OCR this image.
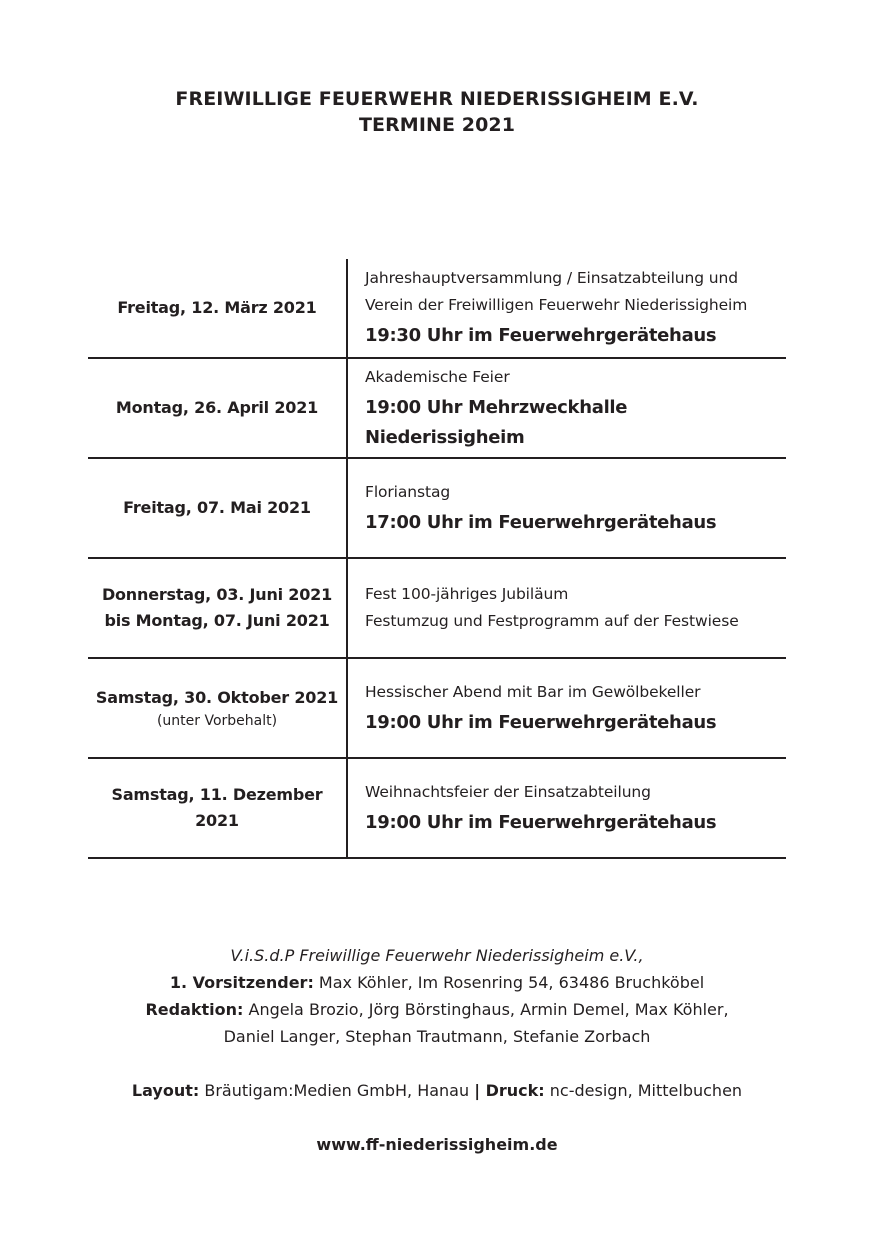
FREIWILLIGE FEUERWEHR NIEDERISSIGHEIM E.V.
TERMINE 2021
Freitag, 12. März 2021
Jahreshauptversammlung / Einsatzabteilung und
Verein der Freiwilligen Feuerwehr Niederissigheim
19:30 Uhr im Feuerwehrgerätehaus
Montag, 26. April 2021
Akademische Feier
19:00 Uhr Mehrzweckhalle Niederissigheim
Freitag, 07. Mai 2021
Florianstag
17:00 Uhr im Feuerwehrgerätehaus
Donnerstag, 03. Juni 2021
bis Montag, 07. Juni 2021
Fest 100-jähriges Jubiläum
Festumzug und Festprogramm auf der Festwiese
Samstag, 30. Oktober 2021
(unter Vorbehalt)
Hessischer Abend mit Bar im Gewölbekeller
19:00 Uhr im Feuerwehrgerätehaus
Samstag, 11. Dezember 2021
Weihnachtsfeier der Einsatzabteilung
19:00 Uhr im Feuerwehrgerätehaus
V.i.S.d.P Freiwillige Feuerwehr Niederissigheim e.V.,
1. Vorsitzender: Max Köhler, Im Rosenring 54, 63486 Bruchköbel
Redaktion: Angela Brozio, Jörg Börstinghaus, Armin Demel, Max Köhler,
Daniel Langer, Stephan Trautmann, Stefanie Zorbach
Layout: Bräutigam:Medien GmbH, Hanau | Druck: nc-design, Mittelbuchen
www.ff-niederissigheim.de
